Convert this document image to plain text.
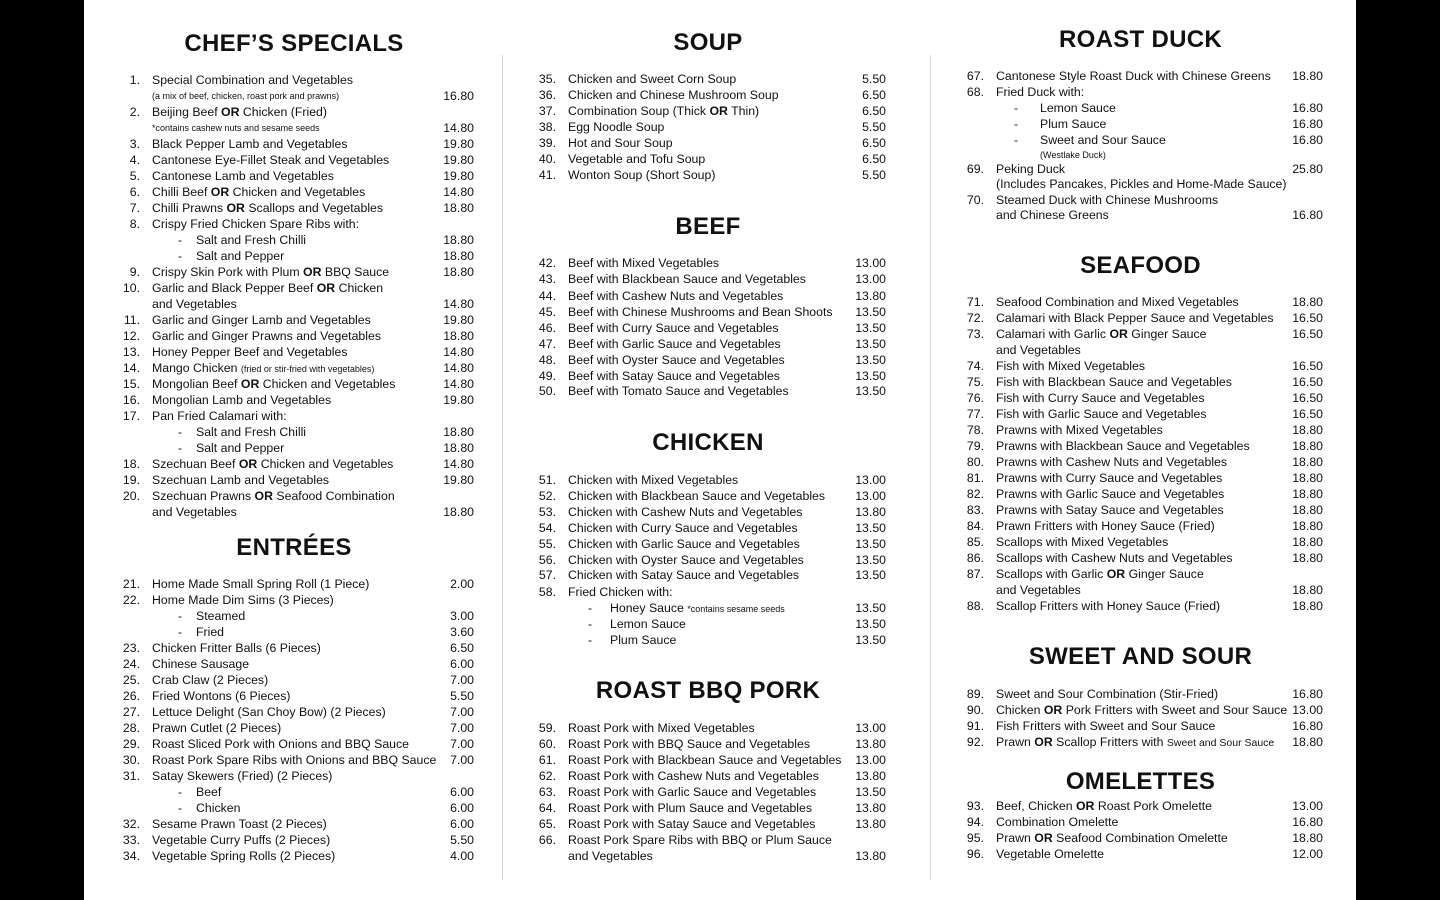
CHEF’S SPECIALS
1. Special Combination and Vegetables
(a mix of beef, chicken, roast pork and prawns)	16.80
2. Beijing Beef OR Chicken (Fried)
*contains cashew nuts and sesame seeds	14.80
3. Black Pepper Lamb and Vegetables	19.80
4. Cantonese Eye-Fillet Steak and Vegetables	19.80
5. Cantonese Lamb and Vegetables	19.80
6. Chilli Beef OR Chicken and Vegetables	14.80
7. Chilli Prawns OR Scallops and Vegetables	18.80
8. Crispy Fried Chicken Spare Ribs with:
- Salt and Fresh Chilli	18.80
- Salt and Pepper	18.80
9. Crispy Skin Pork with Plum OR BBQ Sauce	18.80
10. Garlic and Black Pepper Beef OR Chicken
and Vegetables	14.80
11. Garlic and Ginger Lamb and Vegetables	19.80
12. Garlic and Ginger Prawns and Vegetables	18.80
13. Honey Pepper Beef and Vegetables	14.80
14. Mango Chicken (fried or stir-fried with vegetables)	14.80
15. Mongolian Beef OR Chicken and Vegetables	14.80
16. Mongolian Lamb and Vegetables	19.80
17. Pan Fried Calamari with:
- Salt and Fresh Chilli	18.80
- Salt and Pepper	18.80
18. Szechuan Beef OR Chicken and Vegetables	14.80
19. Szechuan Lamb and Vegetables	19.80
20. Szechuan Prawns OR Seafood Combination
and Vegetables	18.80
ENTRÉES
21. Home Made Small Spring Roll (1 Piece)	2.00
22. Home Made Dim Sims (3 Pieces)
- Steamed	3.00
- Fried	3.60
23. Chicken Fritter Balls (6 Pieces)	6.50
24. Chinese Sausage	6.00
25. Crab Claw (2 Pieces)	7.00
26. Fried Wontons (6 Pieces)	5.50
27. Lettuce Delight (San Choy Bow) (2 Pieces)	7.00
28. Prawn Cutlet (2 Pieces)	7.00
29. Roast Sliced Pork with Onions and BBQ Sauce	7.00
30. Roast Pork Spare Ribs with Onions and BBQ Sauce 7.00
31. Satay Skewers (Fried) (2 Pieces)
- Beef	6.00
- Chicken	6.00
32. Sesame Prawn Toast (2 Pieces)	6.00
33. Vegetable Curry Puffs (2 Pieces)	5.50
34. Vegetable Spring Rolls (2 Pieces)	4.00
SOUP
35. Chicken and Sweet Corn Soup	5.50
36. Chicken and Chinese Mushroom Soup	6.50
37. Combination Soup (Thick OR Thin)	6.50
38. Egg Noodle Soup	5.50
39. Hot and Sour Soup	6.50
40. Vegetable and Tofu Soup	6.50
41. Wonton Soup (Short Soup)	5.50
BEEF
42. Beef with Mixed Vegetables	13.00
43. Beef with Blackbean Sauce and Vegetables	13.00
44. Beef with Cashew Nuts and Vegetables	13.80
45. Beef with Chinese Mushrooms and Bean Shoots 13.50
46. Beef with Curry Sauce and Vegetables	13.50
47. Beef with Garlic Sauce and Vegetables	13.50
48. Beef with Oyster Sauce and Vegetables	13.50
49. Beef with Satay Sauce and Vegetables	13.50
50. Beef with Tomato Sauce and Vegetables	13.50
CHICKEN
51. Chicken with Mixed Vegetables	13.00
52. Chicken with Blackbean Sauce and Vegetables 13.00
53. Chicken with Cashew Nuts and Vegetables	13.80
54. Chicken with Curry Sauce and Vegetables	13.50
55. Chicken with Garlic Sauce and Vegetables	13.50
56. Chicken with Oyster Sauce and Vegetables	13.50
57. Chicken with Satay Sauce and Vegetables	13.50
58. Fried Chicken with:
- Honey Sauce *contains sesame seeds	13.50
- Lemon Sauce	13.50
- Plum Sauce	13.50
ROAST BBQ PORK
59. Roast Pork with Mixed Vegetables	13.00
60. Roast Pork with BBQ Sauce and Vegetables	13.80
61. Roast Pork with Blackbean Sauce and Vegetables 13.00
62. Roast Pork with Cashew Nuts and Vegetables	13.80
63. Roast Pork with Garlic Sauce and Vegetables	13.50
64. Roast Pork with Plum Sauce and Vegetables	13.80
65. Roast Pork with Satay Sauce and Vegetables	13.80
66. Roast Pork Spare Ribs with BBQ or Plum Sauce
and Vegetables	13.80
ROAST DUCK
67. Cantonese Style Roast Duck with Chinese Greens 18.80
68. Fried Duck with:
- Lemon Sauce	16.80
- Plum Sauce	16.80
- Sweet and Sour Sauce	16.80
(Westlake Duck)
69. Peking Duck	25.80
(Includes Pancakes, Pickles and Home-Made Sauce)
70. Steamed Duck with Chinese Mushrooms
and Chinese Greens	16.80
SEAFOOD
71. Seafood Combination and Mixed Vegetables	18.80
72. Calamari with Black Pepper Sauce and Vegetables 16.50
73. Calamari with Garlic OR Ginger Sauce	16.50
and Vegetables
74. Fish with Mixed Vegetables	16.50
75. Fish with Blackbean Sauce and Vegetables	16.50
76. Fish with Curry Sauce and Vegetables	16.50
77. Fish with Garlic Sauce and Vegetables	16.50
78. Prawns with Mixed Vegetables	18.80
79. Prawns with Blackbean Sauce and Vegetables	18.80
80. Prawns with Cashew Nuts and Vegetables	18.80
81. Prawns with Curry Sauce and Vegetables	18.80
82. Prawns with Garlic Sauce and Vegetables	18.80
83. Prawns with Satay Sauce and Vegetables	18.80
84. Prawn Fritters with Honey Sauce (Fried)	18.80
85. Scallops with Mixed Vegetables	18.80
86. Scallops with Cashew Nuts and Vegetables	18.80
87. Scallops with Garlic OR Ginger Sauce
and Vegetables	18.80
88. Scallop Fritters with Honey Sauce (Fried)	18.80
SWEET AND SOUR
89. Sweet and Sour Combination (Stir-Fried)	16.80
90. Chicken OR Pork Fritters with Sweet and Sour Sauce 13.00
91. Fish Fritters with Sweet and Sour Sauce	16.80
92. Prawn OR Scallop Fritters with Sweet and Sour Sauce 18.80
OMELETTES
93. Beef, Chicken OR Roast Pork Omelette	13.00
94. Combination Omelette	16.80
95. Prawn OR Seafood Combination Omelette	18.80
96. Vegetable Omelette	12.00
